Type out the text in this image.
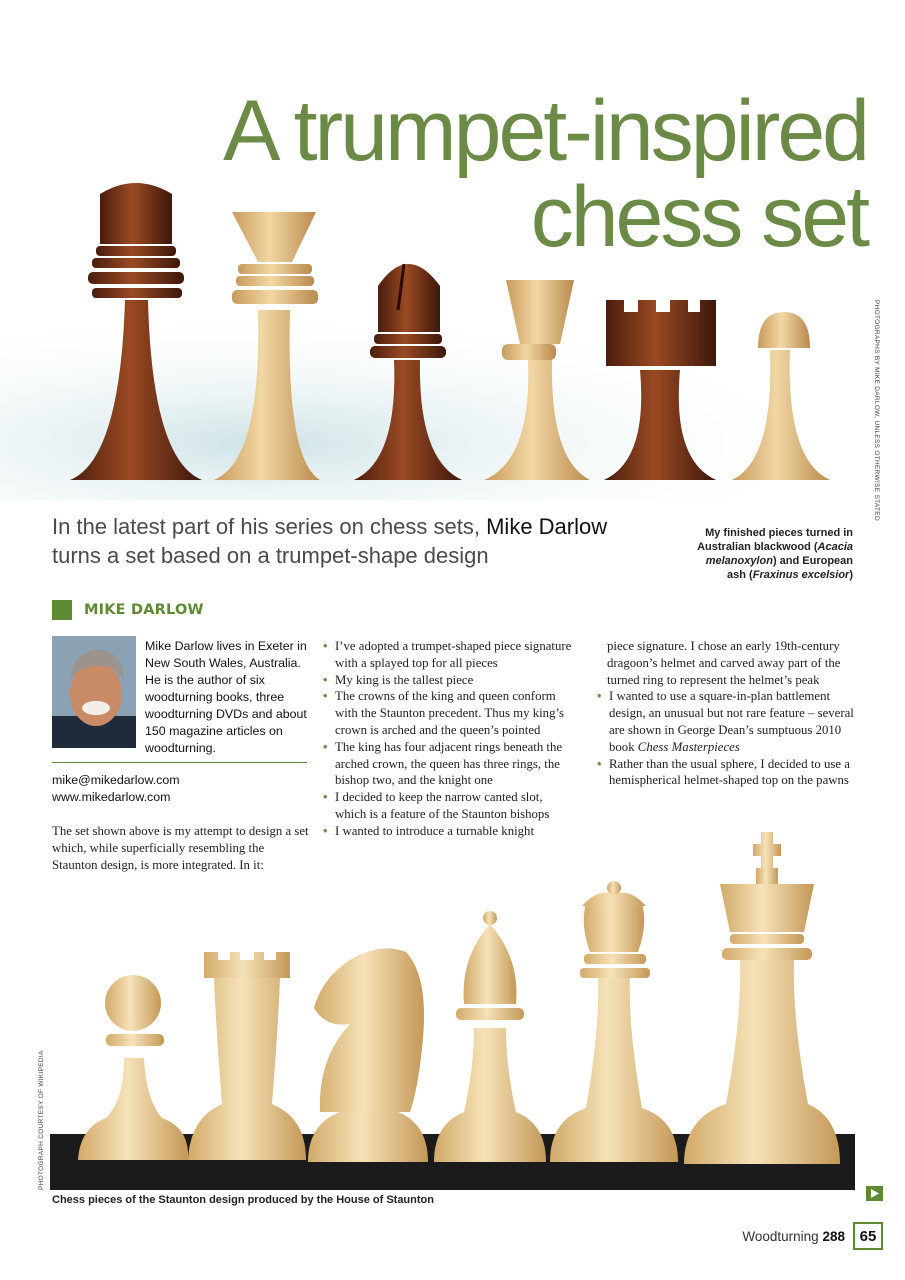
A trumpet-inspired
chess set
PHOTOGRAPHS BY MIKE DARLOW, UNLESS OTHERWISE STATED
In the latest part of his series on chess sets, Mike Darlow turns a set based on a trumpet-shape design
My finished pieces turned in Australian blackwood (Acacia melanoxylon) and European ash (Fraxinus excelsior)
MIKE DARLOW
Mike Darlow lives in Exeter in New South Wales, Australia. He is the author of six woodturning books, three woodturning DVDs and about 150 magazine articles on woodturning.
mike@mikedarlow.com
www.mikedarlow.com
The set shown above is my attempt to design a set which, while superficially resembling the Staunton design, is more integrated. In it:
• I’ve adopted a trumpet-shaped piece signature with a splayed top for all pieces
• My king is the tallest piece
• The crowns of the king and queen conform with the Staunton precedent. Thus my king’s crown is arched and the queen’s pointed
• The king has four adjacent rings beneath the arched crown, the queen has three rings, the bishop two, and the knight one
• I decided to keep the narrow canted slot, which is a feature of the Staunton bishops
• I wanted to introduce a turnable knight
piece signature. I chose an early 19th-century dragoon’s helmet and carved away part of the turned ring to represent the helmet’s peak
• I wanted to use a square-in-plan battlement design, an unusual but not rare feature – several are shown in George Dean’s sumptuous 2010 book Chess Masterpieces
• Rather than the usual sphere, I decided to use a hemispherical helmet-shaped top on the pawns
PHOTOGRAPH COURTESY OF WIKIPEDIA
Chess pieces of the Staunton design produced by the House of Staunton
Woodturning 288 65
